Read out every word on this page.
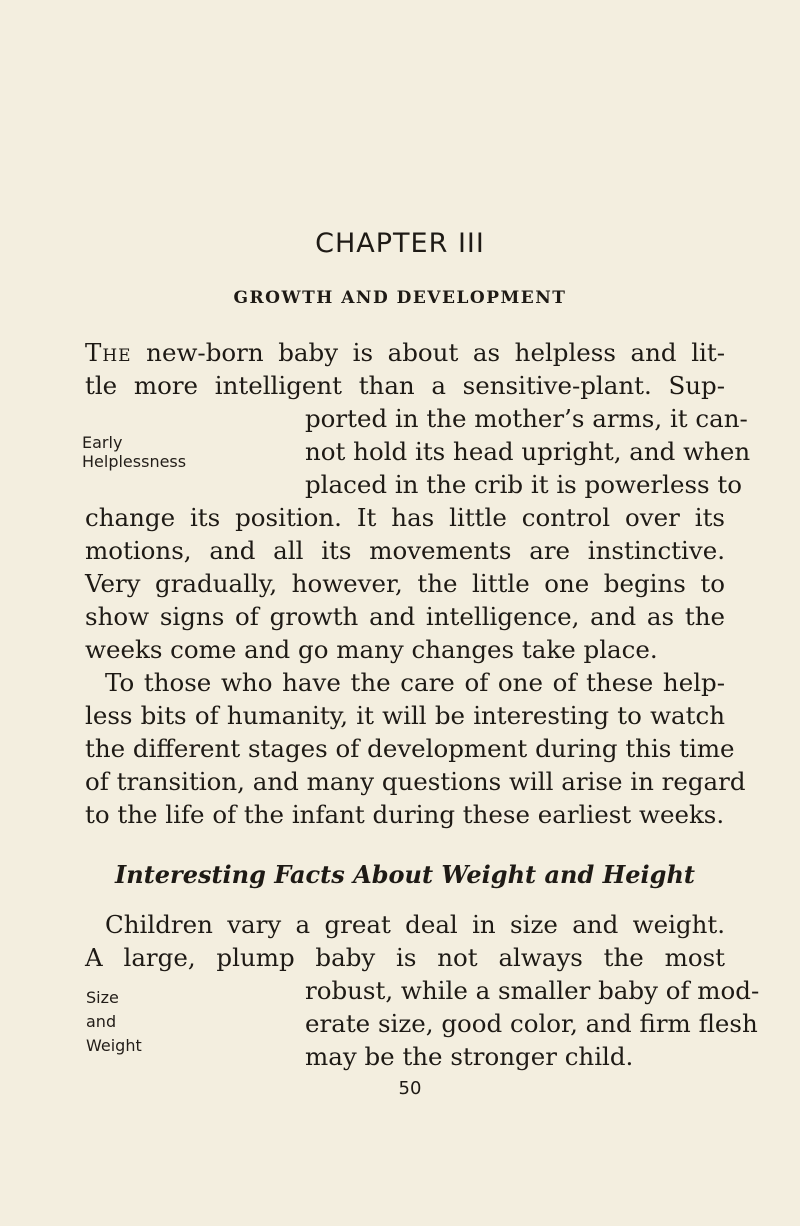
CHAPTER III
GROWTH AND DEVELOPMENT
The new-born baby is about as helpless and lit-
tle more intelligent than a sensitive-plant. Sup-
ported in the mother’s arms, it can-
not hold its head upright, and when
placed in the crib it is powerless to
change its position. It has little control over its
motions, and all its movements are instinctive.
Very gradually, however, the little one begins to
show signs of growth and intelligence, and as the
weeks come and go many changes take place.
Early
Helplessness
To those who have the care of one of these help-
less bits of humanity, it will be interesting to watch
the different stages of development during this time
of transition, and many questions will arise in regard
to the life of the infant during these earliest weeks.
Interesting Facts About Weight and Height
Children vary a great deal in size and weight.
A large, plump baby is not always the most
robust, while a smaller baby of mod-
erate size, good color, and firm flesh
may be the stronger child.
Size
and
Weight
50
